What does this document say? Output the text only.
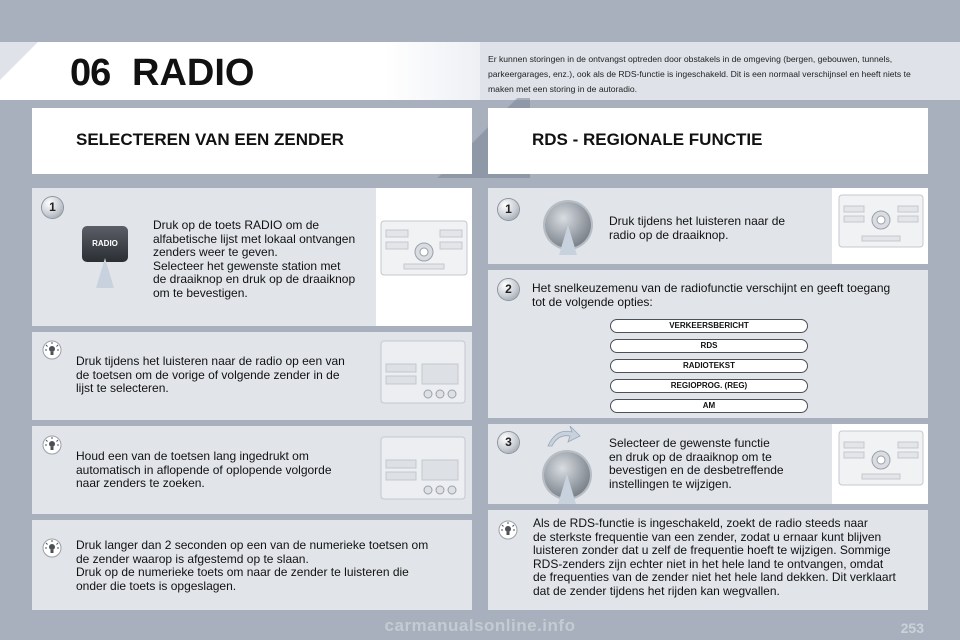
06 RADIO	Er kunnen storingen in de ontvangst optreden door obstakels in de omgeving (bergen, gebouwen, tunnels, parkeergarages, enz.), ook als de RDS-functie is ingeschakeld. Dit is een normaal verschijnsel en heeft niets te maken met een storing in de autoradio.
SELECTEREN VAN EEN ZENDER	RDS - REGIONALE FUNCTIE
1
RADIO
Druk op de toets RADIO om de
alfabetische lijst met lokaal ontvangen
zenders weer te geven.
Selecteer het gewenste station met
de draaiknop en druk op de draaiknop
om te bevestigen.
Druk tijdens het luisteren naar de radio op een van
de toetsen om de vorige of volgende zender in de
lijst te selecteren.
Houd een van de toetsen lang ingedrukt om
automatisch in aflopende of oplopende volgorde
naar zenders te zoeken.
Druk langer dan 2 seconden op een van de numerieke toetsen om
de zender waarop is afgestemd op te slaan.
Druk op de numerieke toets om naar de zender te luisteren die
onder die toets is opgeslagen.
1
Druk tijdens het luisteren naar de
radio op de draaiknop.
2	Het snelkeuzemenu van de radiofunctie verschijnt en geeft toegang
tot de volgende opties:
VERKEERSBERICHT
RDS
RADIOTEKST
REGIOPROG. (REG)
AM
3	Selecteer de gewenste functie
en druk op de draaiknop om te
bevestigen en de desbetreffende
instellingen te wijzigen.
Als de RDS-functie is ingeschakeld, zoekt de radio steeds naar
de sterkste frequentie van een zender, zodat u ernaar kunt blijven
luisteren zonder dat u zelf de frequentie hoeft te wijzigen. Sommige
RDS-zenders zijn echter niet in het hele land te ontvangen, omdat
de frequenties van de zender niet het hele land dekken. Dit verklaart
dat de zender tijdens het rijden kan wegvallen.
carmanualsonline.info	253
